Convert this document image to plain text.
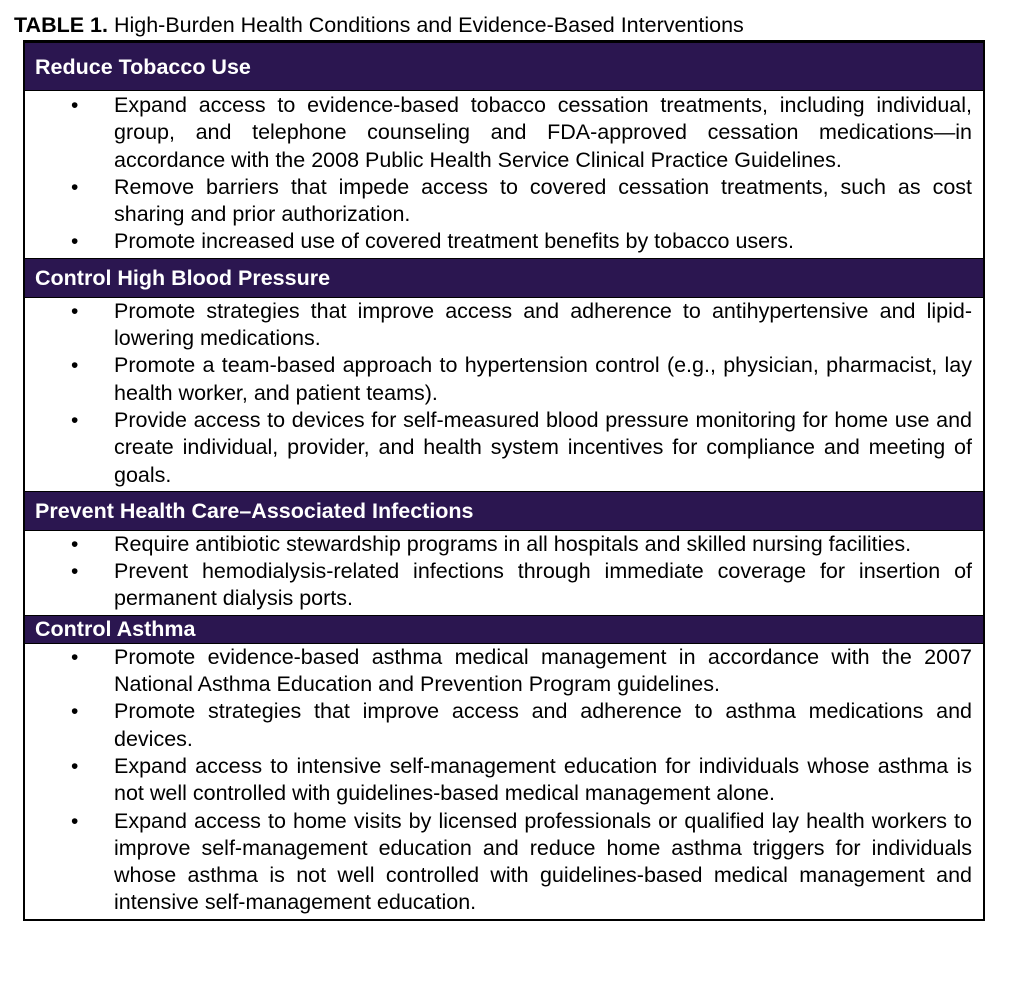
TABLE 1. High-Burden Health Conditions and Evidence-Based Interventions
Reduce Tobacco Use
• Expand access to evidence-based tobacco cessation treatments, including individual, group, and telephone counseling and FDA-approved cessation medications—in accordance with the 2008 Public Health Service Clinical Practice Guidelines.
• Remove barriers that impede access to covered cessation treatments, such as cost sharing and prior authorization.
• Promote increased use of covered treatment benefits by tobacco users.
Control High Blood Pressure
• Promote strategies that improve access and adherence to antihypertensive and lipid-lowering medications.
• Promote a team-based approach to hypertension control (e.g., physician, pharmacist, lay health worker, and patient teams).
• Provide access to devices for self-measured blood pressure monitoring for home use and create individual, provider, and health system incentives for compliance and meeting of goals.
Prevent Health Care–Associated Infections
• Require antibiotic stewardship programs in all hospitals and skilled nursing facilities.
• Prevent hemodialysis-related infections through immediate coverage for insertion of permanent dialysis ports.
Control Asthma
• Promote evidence-based asthma medical management in accordance with the 2007 National Asthma Education and Prevention Program guidelines.
• Promote strategies that improve access and adherence to asthma medications and devices.
• Expand access to intensive self-management education for individuals whose asthma is not well controlled with guidelines-based medical management alone.
• Expand access to home visits by licensed professionals or qualified lay health workers to improve self-management education and reduce home asthma triggers for individuals whose asthma is not well controlled with guidelines-based medical management and intensive self-management education.
